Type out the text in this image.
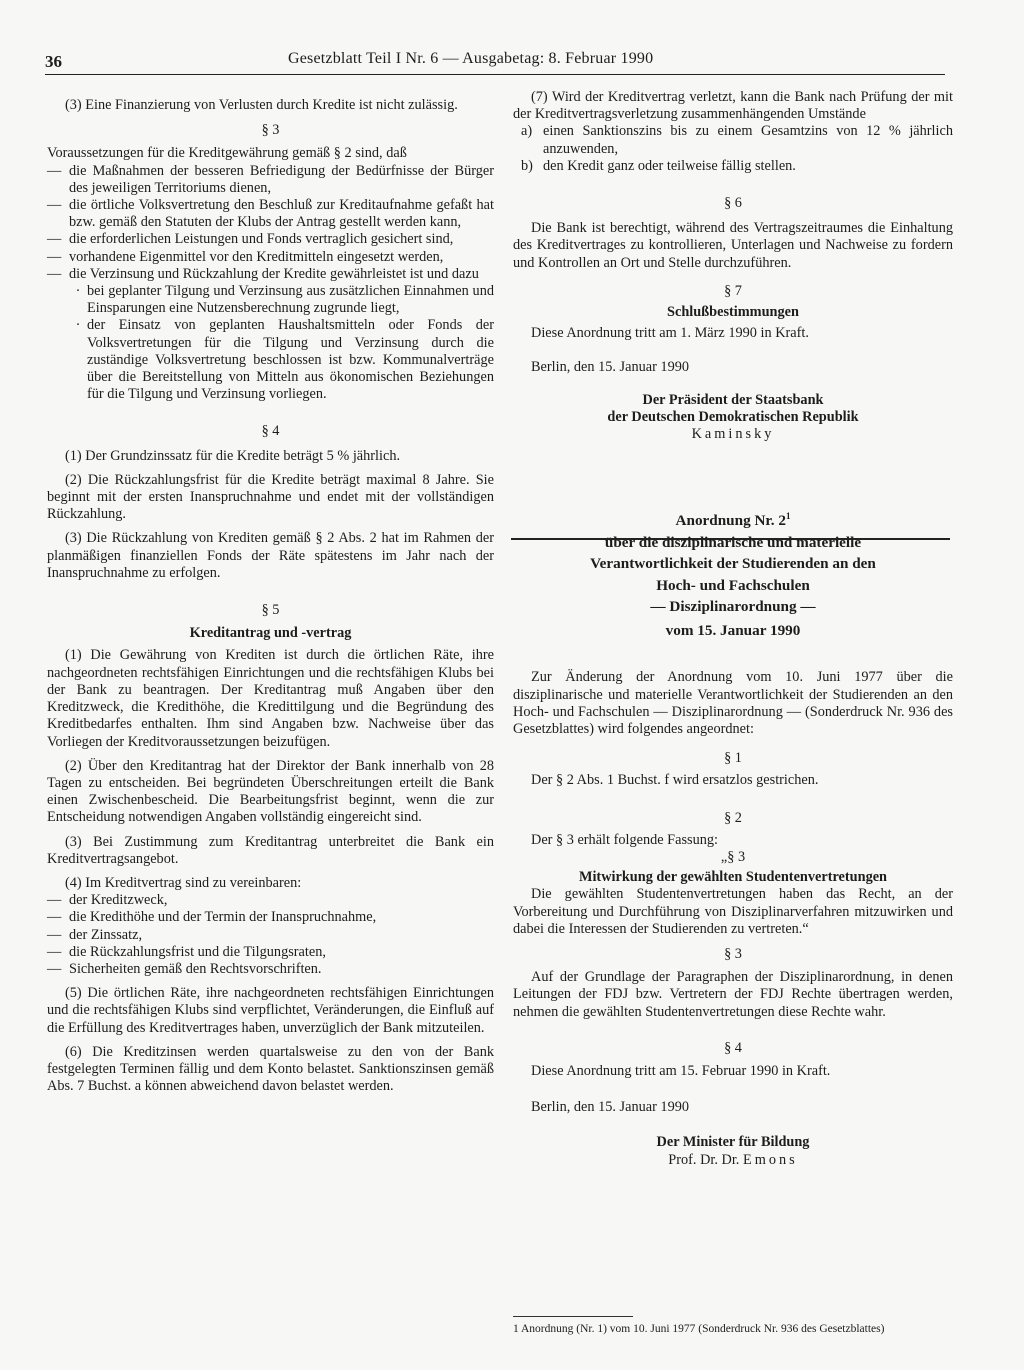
36	Gesetzblatt Teil I Nr. 6 — Ausgabetag: 8. Februar 1990

(3) Eine Finanzierung von Verlusten durch Kredite ist nicht zulässig.

§ 3

Voraussetzungen für die Kreditgewährung gemäß § 2 sind, daß

— die Maßnahmen der besseren Befriedigung der Bedürfnisse der Bürger des jeweiligen Territoriums dienen,
— die örtliche Volksvertretung den Beschluß zur Kreditaufnahme gefaßt hat bzw. gemäß den Statuten der Klubs der Antrag gestellt werden kann,
— die erforderlichen Leistungen und Fonds vertraglich gesichert sind,
— vorhandene Eigenmittel vor den Kreditmitteln eingesetzt werden,
— die Verzinsung und Rückzahlung der Kredite gewährleistet ist und dazu
· bei geplanter Tilgung und Verzinsung aus zusätzlichen Einnahmen und Einsparungen eine Nutzensberechnung zugrunde liegt,
· der Einsatz von geplanten Haushaltsmitteln oder Fonds der Volksvertretungen für die Tilgung und Verzinsung durch die zuständige Volksvertretung beschlossen ist bzw. Kommunalverträge über die Bereitstellung von Mitteln aus ökonomischen Beziehungen für die Tilgung und Verzinsung vorliegen.

§ 4

(1) Der Grundzinssatz für die Kredite beträgt 5 % jährlich.

(2) Die Rückzahlungsfrist für die Kredite beträgt maximal 8 Jahre. Sie beginnt mit der ersten Inanspruchnahme und endet mit der vollständigen Rückzahlung.

(3) Die Rückzahlung von Krediten gemäß § 2 Abs. 2 hat im Rahmen der planmäßigen finanziellen Fonds der Räte spätestens im Jahr nach der Inanspruchnahme zu erfolgen.

§ 5

Kreditantrag und -vertrag

(1) Die Gewährung von Krediten ist durch die örtlichen Räte, ihre nachgeordneten rechtsfähigen Einrichtungen und die rechtsfähigen Klubs bei der Bank zu beantragen. Der Kreditantrag muß Angaben über den Kreditzweck, die Kredithöhe, die Kredittilgung und die Begründung des Kreditbedarfes enthalten. Ihm sind Angaben bzw. Nachweise über das Vorliegen der Kreditvoraussetzungen beizufügen.

(2) Über den Kreditantrag hat der Direktor der Bank innerhalb von 28 Tagen zu entscheiden. Bei begründeten Überschreitungen erteilt die Bank einen Zwischenbescheid. Die Bearbeitungsfrist beginnt, wenn die zur Entscheidung notwendigen Angaben vollständig eingereicht sind.

(3) Bei Zustimmung zum Kreditantrag unterbreitet die Bank ein Kreditvertragsangebot.

(4) Im Kreditvertrag sind zu vereinbaren:

— der Kreditzweck,
— die Kredithöhe und der Termin der Inanspruchnahme,
— der Zinssatz,
— die Rückzahlungsfrist und die Tilgungsraten,
— Sicherheiten gemäß den Rechtsvorschriften.

(5) Die örtlichen Räte, ihre nachgeordneten rechtsfähigen Einrichtungen und die rechtsfähigen Klubs sind verpflichtet, Veränderungen, die Einfluß auf die Erfüllung des Kreditvertrages haben, unverzüglich der Bank mitzuteilen.

(6) Die Kreditzinsen werden quartalsweise zu den von der Bank festgelegten Terminen fällig und dem Konto belastet. Sanktionszinsen gemäß Abs. 7 Buchst. a können abweichend davon belastet werden.

(7) Wird der Kreditvertrag verletzt, kann die Bank nach Prüfung der mit der Kreditvertragsverletzung zusammenhängenden Umstände

a) einen Sanktionszins bis zu einem Gesamtzins von 12 % jährlich anzuwenden,
b) den Kredit ganz oder teilweise fällig stellen.

§ 6

Die Bank ist berechtigt, während des Vertragszeitraumes die Einhaltung des Kreditvertrages zu kontrollieren, Unterlagen und Nachweise zu fordern und Kontrollen an Ort und Stelle durchzuführen.

§ 7

Schlußbestimmungen

Diese Anordnung tritt am 1. März 1990 in Kraft.

Berlin, den 15. Januar 1990

Der Präsident der Staatsbank

der Deutschen Demokratischen Republik

Kaminsky

Anordnung Nr. $2^1$
über die disziplinarische und materielle
Verantwortlichkeit der Studierenden an den
Hoch- und Fachschulen
— Disziplinarordnung —
vom 15. Januar 1990

Zur Änderung der Anordnung vom 10. Juni 1977 über die disziplinarische und materielle Verantwortlichkeit der Studierenden an den Hoch- und Fachschulen — Disziplinarordnung — (Sonderdruck Nr. 936 des Gesetzblattes) wird folgendes angeordnet:

§ 1

Der § 2 Abs. 1 Buchst. f wird ersatzlos gestrichen.

§ 2

Der § 3 erhält folgende Fassung:

„§ 3

Mitwirkung der gewählten Studentenvertretungen

Die gewählten Studentenvertretungen haben das Recht, an der Vorbereitung und Durchführung von Disziplinarverfahren mitzuwirken und dabei die Interessen der Studierenden zu vertreten.“

§ 3

Auf der Grundlage der Paragraphen der Disziplinarordnung, in denen Leitungen der FDJ bzw. Vertretern der FDJ Rechte übertragen werden, nehmen die gewählten Studentenvertretungen diese Rechte wahr.

§ 4

Diese Anordnung tritt am 15. Februar 1990 in Kraft.

Berlin, den 15. Januar 1990

Der Minister für Bildung

Prof. Dr. Dr. Emons

1 Anordnung (Nr. 1) vom 10. Juni 1977 (Sonderdruck Nr. 936 des Gesetzblattes)
